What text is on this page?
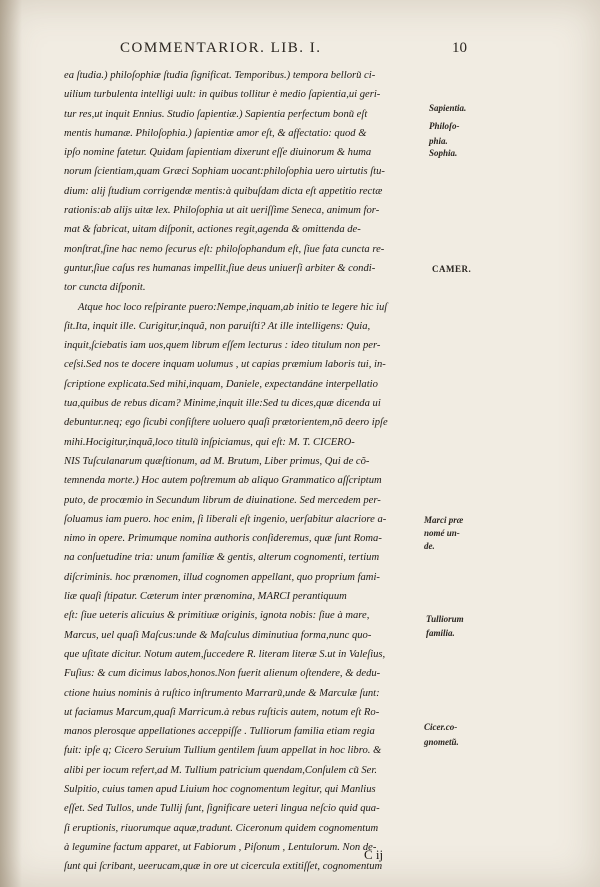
COMMENTARIOR. LIB. I.	10
ea ſtudia.) philoſophiæ ſtudia ſignificat. Temporibus.) tempora belloru͂ ci-
uilium turbulenta intelligi uult: in quibus tollitur è medio ſapientia,ui geri-
tur res,ut inquit Ennius. Studio ſapientiæ.) Sapientia perfectum bonu͂ eſt
mentis humanæ. Philoſophia.) ſapientiæ amor eſt, & affectatio: quod &
ipſo nomine fatetur. Quidam ſapientiam dixerunt eſſe diuinorum & huma
norum ſcientiam,quam Græci Sophiam uocant:philoſophia uero uirtutis ſtu-
dium: alij ſtudium corrigendæ mentis:à quibuſdam dicta eſt appetitio rectæ
rationis:ab alijs uitæ lex. Philoſophia ut ait ueriſſime Seneca, animum for-
mat & fabricat, uitam diſponit, actiones regit,agenda & omittenda de-
monſtrat,ſine hac nemo ſecurus eſt: philoſophandum eſt, ſiue fata cuncta re-
guntur,ſiue caſus res humanas impellit,ſiue deus uniuerſi arbiter & condi-
tor cuncta diſponit.
Atque hoc loco reſpirante puero:Nempe,inquam,ab initio te legere hic iuſ
ſit.Ita, inquit ille. Curigitur,inquã, non paruiſti? At ille intelligens: Quia,
inquit,ſciebatis iam uos,quem librum eſſem lecturus : ideo titulum non per-
ceſsi.Sed nos te docere inquam uolumus , ut capias præmium laboris tui, in-
ſcriptione explicata.Sed mihi,inquam, Daniele, expectandáne interpellatio
tua,quibus de rebus dicam? Minime,inquit ille:Sed tu dices,quæ dicenda ui
debuntur.neq; ego ſicubi conſiſtere uoluero quaſi prætorientem,nõ deero ipſe
mihi.Hocigitur,inquã,loco titulu͂ inſpiciamus, qui eſt: M. T. CICERO-
NIS Tuſculanarum quæſtionum, ad M. Brutum, Liber primus, Qui de co͂-
temnenda morte.) Hoc autem poſtremum ab aliquo Grammatico aſſcriptum
puto, de procœmio in Secundum librum de diuinatione. Sed mercedem per-
ſoluamus iam puero. hoc enim, ſi liberali eſt ingenio, uerſabitur alacriore a-
nimo in opere. Primumque nomina authoris conſideremus, quæ ſunt Roma-
na conſuetudine tria: unum familiæ & gentis, alterum cognomenti, tertium
diſcriminis. hoc prænomen, illud cognomen appellant, quo proprium fami-
liæ quaſi ſtipatur. Cæterum inter prænomina, MARCI perantiquum
eſt: ſiue ueteris alicuius & primitiuæ originis, ignota nobis: ſiue à mare,
Marcus, uel quaſi Maſcus:unde & Maſculus diminutiua forma,nunc quo-
que uſitate dicitur. Notum autem,ſuccedere R. literam literæ S.ut in Valeſius,
Fuſius: & cum dicimus labos,honos.Non fuerit alienum oſtendere, & dedu-
ctione huius nominis à ruſtico inſtrumento Marraru͂,unde & Marculæ ſunt:
ut faciamus Marcum,quaſi Marricum.à rebus ruſticis autem, notum eſt Ro-
manos plerosque appellationes acceppiſſe . Tulliorum familia etiam regia
fuit: ipſe q; Cicero Seruium Tullium gentilem ſuum appellat in hoc libro. &
alibi per iocum refert,ad M. Tullium patricium quendam,Conſulem cu͂ Ser.
Sulpitio, cuius tamen apud Liuium hoc cognomentum legitur, qui Manlius
eſſet. Sed Tullos, unde Tullij ſunt, ſignificare ueteri lingua neſcio quid qua-
ſi eruptionis, riuorumque aquæ,tradunt. Ciceronum quidem cognomentum
à legumine factum apparet, ut Fabiorum , Piſonum , Lentulorum. Non de-
ſunt qui ſcribant, ueerucam,quæ in ore ut cicercula extitiſſet, cognomentum
Sapientia.
Philoſo-
phia.
Sophia.
CAMER.
Marci præ
nomé un-
de.
Tulliorum
familia.
Cicer.co-
gnometu͂.
C ij
